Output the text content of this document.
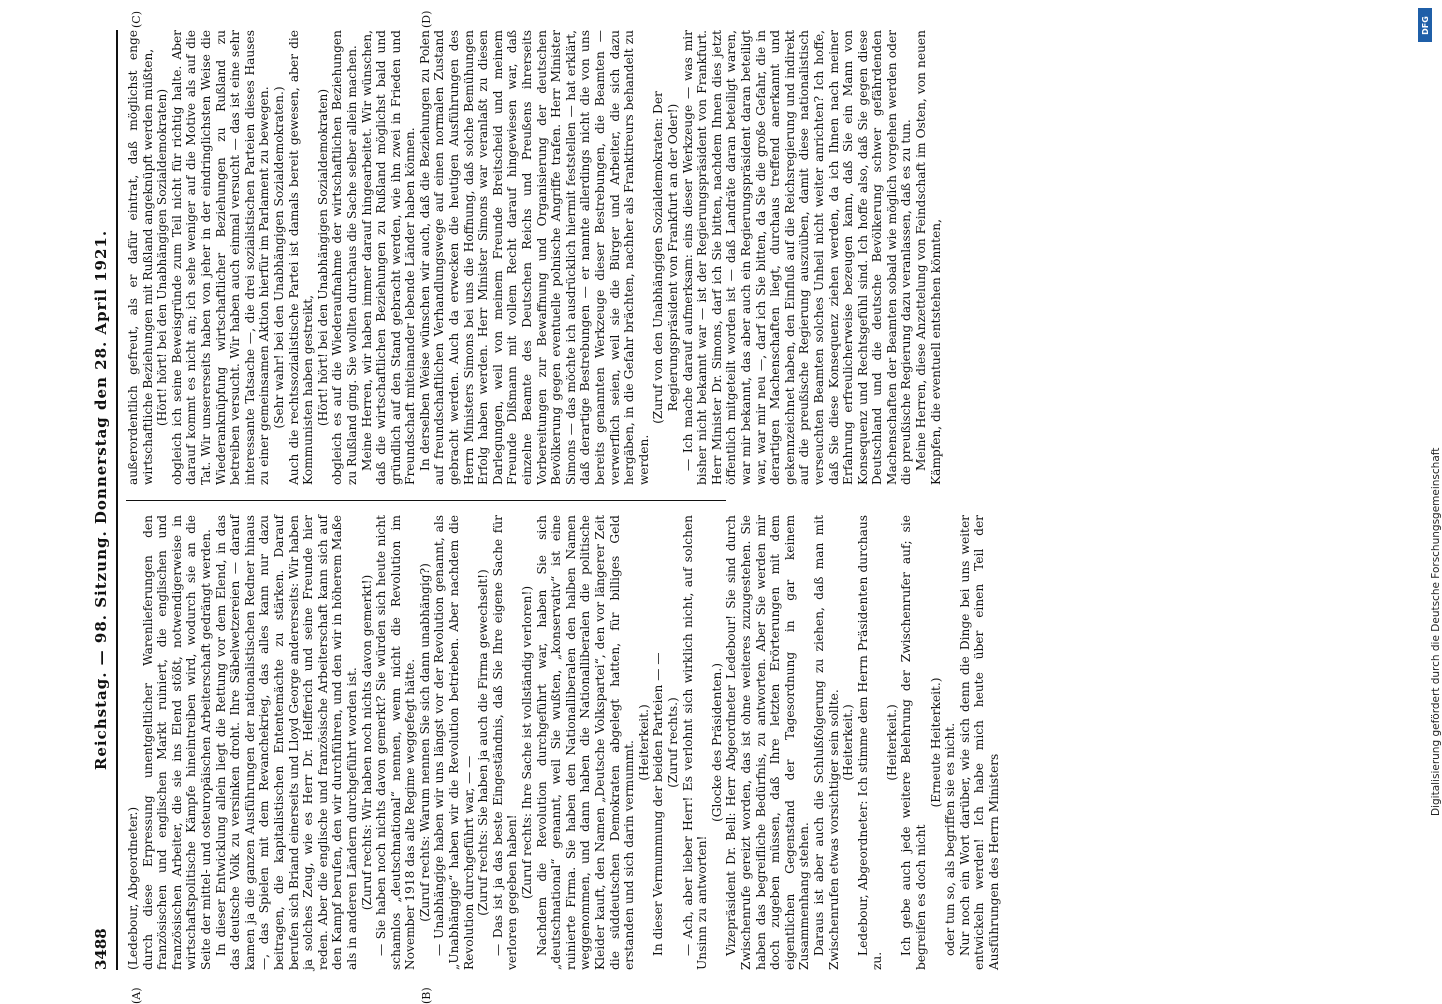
3488
Reichstag. — 98. Sitzung. Donnerstag den 28. April 1921.

(Ledebour, Abgeordneter.) durch diese Erpressung unentgeltlicher Warenlieferungen den französischen und englischen Markt ruiniert, die englischen und französischen Arbeiter, die sie ins Elend stößt, notwendigerweise in wirtschaftspolitische Kämpfe hineintreiben wird, wodurch sie an die Seite der mittel- und osteuropäischen Arbeiterschaft gedrängt werden. In dieser Entwicklung allein liegt die Rettung vor dem Elend, in das das deutsche Volk zu versinken droht. Ihre Säbelwetzereien — darauf kamen ja die ganzen Ausführungen der nationalistischen Redner hinaus —, das Spielen mit dem Revanchekrieg, das alles kann nur dazu beitragen, die kapitalistischen Ententemächte zu stärken. Darauf berufen sich Briand einerseits und Lloyd George andererseits: Wir haben ja solches Zeug, wie es Herr Dr. Helfferich und seine Freunde hier reden. Aber die englische und französische Arbeiterschaft kann sich auf den Kampf berufen, den wir durchführen, und den wir in höherem Maße als in anderen Ländern durchgeführt worden ist. (Zuruf rechts: Wir haben noch nichts davon gemerkt!) — Sie haben noch nichts davon gemerkt? Sie würden sich heute nicht schamlos „deutschnational“ nennen, wenn nicht die Revolution im November 1918 das alte Regime weggefegt hätte. (Zuruf rechts: Warum nennen Sie sich dann unabhängig?) — Unabhängige haben wir uns längst vor der Revolution genannt, als „Unabhängige“ haben wir die Revolution betrieben. Aber nachdem die Revolution durchgeführt war, — — (Zuruf rechts: Sie haben ja auch die Firma gewechselt!) — Das ist ja das beste Eingeständnis, daß Sie Ihre eigene Sache für verloren gegeben haben! (Zuruf rechts: Ihre Sache ist vollständig verloren!) Nachdem die Revolution durchgeführt war, haben Sie sich „deutschnational“ genannt, weil Sie wußten, „konservativ“ ist eine ruinierte Firma. Sie haben den Nationalliberalen den halben Namen weggenommen, und dann haben die Nationalliberalen die politische Kleider kauft, den Namen „Deutsche Volkspartei“, den vor längerer Zeit die süddeutschen Demokraten abgelegt hatten, für billiges Geld erstanden und sich darin vermummt. (Heiterkeit.) In dieser Vermummung der beiden Parteien — — (Zuruf rechts.) — Ach, aber lieber Herr! Es verlohnt sich wirklich nicht, auf solchen Unsinn zu antworten!

(Glocke des Präsidenten.) Vizepräsident Dr. Bell: Herr Abgeordneter Ledebour! Sie sind durch Zwischenrufe gereizt worden, das ist ohne weiteres zuzugestehen. Sie haben das begreifliche Bedürfnis, zu antworten. Aber Sie werden mir doch zugeben müssen, daß Ihre letzten Erörterungen mit dem eigentlichen Gegenstand der Tagesordnung in gar keinem Zusammenhang stehen. Daraus ist aber auch die Schlußfolgerung zu ziehen, daß man mit Zwischenrufen etwas vorsichtiger sein sollte. (Heiterkeit.) Ledebour, Abgeordneter: Ich stimme dem Herrn Präsidenten durchaus zu.

(Heiterkeit.) Ich gebe auch jede weitere Belehrung der Zwischenrufer auf; sie begreifen es doch nicht

(Erneute Heiterkeit.) oder tun so, als begriffen sie es nicht. Nur noch ein Wort darüber, wie sich denn die Dinge bei uns weiter entwickeln werden! Ich habe mich heute über einen Teil der Ausführungen des Herrn Ministers

außerordentlich gefreut, als er dafür eintrat, daß möglichst enge wirtschaftliche Beziehungen mit Rußland angeknüpft werden müßten, (Hört! hört! bei den Unabhängigen Sozialdemokraten) obgleich ich seine Beweisgründe zum Teil nicht für richtig halte. Aber darauf kommt es nicht an; ich sehe weniger auf die Motive als auf die Tat. Wir unsererseits haben von jeher in der eindringlichsten Weise die Wiederanknüpfung wirtschaftlicher Beziehungen zu Rußland zu betreiben versucht. Wir haben auch einmal versucht — das ist eine sehr interessante Tatsache —, die drei sozialistischen Parteien dieses Hauses zu einer gemeinsamen Aktion hierfür im Parlament zu bewegen. (Sehr wahr! bei den Unabhängigen Sozialdemokraten.) Auch die rechtssozialistische Partei ist damals bereit gewesen, aber die Kommunisten haben gestreikt, (Hört! hört! bei den Unabhängigen Sozialdemokraten) obgleich es auf die Wiederaufnahme der wirtschaftlichen Beziehungen zu Rußland ging. Sie wollten durchaus die Sache selber allein machen. Meine Herren, wir haben immer darauf hingearbeitet. Wir wünschen, daß die wirtschaftlichen Beziehungen zu Rußland möglichst bald und gründlich auf den Stand gebracht werden, wie ihn zwei in Frieden und Freundschaft miteinander lebende Länder haben können. In derselben Weise wünschen wir auch, daß die Beziehungen zu Polen auf freundschaftlichen Verhandlungswege auf einen normalen Zustand gebracht werden. Auch da erwecken die heutigen Ausführungen des Herrn Ministers Simons bei uns die Hoffnung, daß solche Bemühungen Erfolg haben werden. Herr Minister Simons war veranlaßt zu diesen Darlegungen, weil von meinem Freunde Breitscheid und meinem Freunde Dißmann mit vollem Recht darauf hingewiesen war, daß einzelne Beamte des Deutschen Reichs und Preußens ihrerseits Vorbereitungen zur Bewaffnung und Organisierung der deutschen Bevölkerung gegen eventuelle polnische Angriffe trafen. Herr Minister Simons — das möchte ich ausdrücklich hiermit feststellen — hat erklärt, daß derartige Bestrebungen — er nannte allerdings nicht die von uns bereits genannten Werkzeuge dieser Bestrebungen, die Beamten — verwerflich seien, weil sie die Bürger und Arbeiter, die sich dazu hergäben, in die Gefahr brächten, nachher als Franktireurs behandelt zu werden.

(Zuruf von den Unabhängigen Sozialdemokraten: Der Regierungspräsident von Frankfurt an der Oder!) — Ich mache darauf aufmerksam: eins dieser Werkzeuge — was mir bisher nicht bekannt war — ist der Regierungspräsident von Frankfurt. Herr Minister Dr. Simons, darf ich Sie bitten, nachdem Ihnen dies jetzt öffentlich mitgeteilt worden ist — daß Landräte daran beteiligt waren, war mir bekannt, das aber auch ein Regierungspräsident daran beteiligt war, war mir neu —, darf ich Sie bitten, da Sie die große Gefahr, die in derartigen Machenschaften liegt, durchaus treffend anerkannt und gekennzeichnet haben, den Einfluß auf die Reichsregierung und indirekt auf die preußische Regierung auszuüben, damit diese nationalistisch verseuchten Beamten solches Unheil nicht weiter anrichten? Ich hoffe, daß Sie diese Konsequenz ziehen werden, da ich Ihnen nach meiner Erfahrung erfreulicherweise bezeugen kann, daß Sie ein Mann von Konsequenz und Rechtsgefühl sind. Ich hoffe also, daß Sie gegen diese Deutschland und die deutsche Bevölkerung schwer gefährdenden Machenschaften der Beamten sobald wie möglich vorgehen werden oder die preußische Regierung dazu veranlassen, daß es zu tun. Meine Herren, diese Anzettelung von Feindschaft im Osten, von neuen Kämpfen, die eventuell entstehen könnten,

(A)	(B)
(C)	(D)	DFG
Digitalisierung gefördert durch die Deutsche Forschungsgemeinschaft
